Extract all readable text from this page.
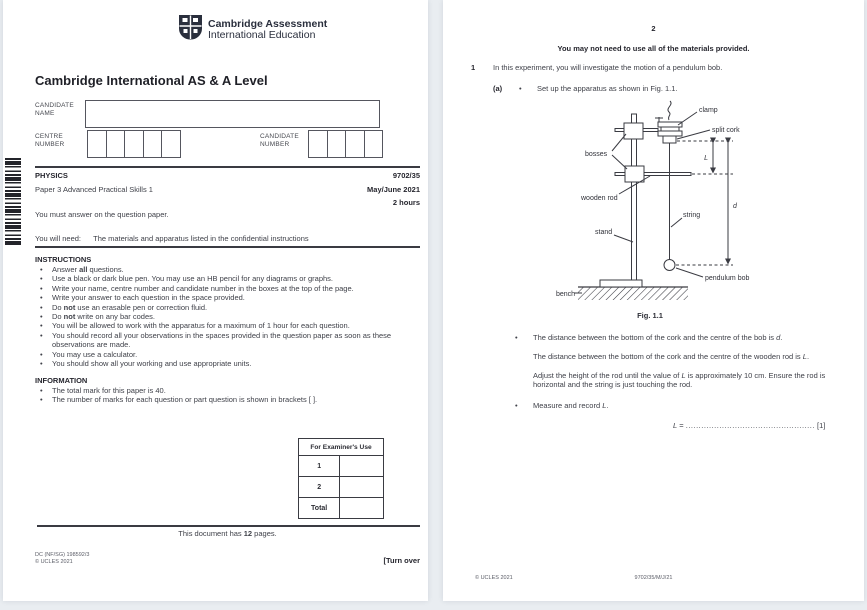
Cambridge Assessment
International Education
Cambridge International AS & A Level
CANDIDATE
NAME
CENTRE
NUMBER
CANDIDATE
NUMBER
PHYSICS	9702/35
Paper 3 Advanced Practical Skills 1	May/June 2021
2 hours
You must answer on the question paper.
You will need: The materials and apparatus listed in the confidential instructions
INSTRUCTIONS
• Answer all questions.
• Use a black or dark blue pen. You may use an HB pencil for any diagrams or graphs.
• Write your name, centre number and candidate number in the boxes at the top of the page.
• Write your answer to each question in the space provided.
• Do not use an erasable pen or correction fluid.
• Do not write on any bar codes.
• You will be allowed to work with the apparatus for a maximum of 1 hour for each question.
• You should record all your observations in the spaces provided in the question paper as soon as these observations are made.
• You may use a calculator.
• You should show all your working and use appropriate units.
INFORMATION
• The total mark for this paper is 40.
• The number of marks for each question or part question is shown in brackets [ ].
For Examiner's Use
1
2
Total
This document has 12 pages.
DC (NF/SG) 198592/3
© UCLES 2021	[Turn over
2
You may not need to use all of the materials provided.
1 In this experiment, you will investigate the motion of a pendulum bob.
(a) • Set up the apparatus as shown in Fig. 1.1.
clamp
split cork
bosses
wooden rod
string
stand
pendulum bob
bench
L
d
Fig. 1.1
• The distance between the bottom of the cork and the centre of the bob is d.
The distance between the bottom of the cork and the centre of the wooden rod is L.
Adjust the height of the rod until the value of L is approximately 10 cm. Ensure the rod is horizontal and the string is just touching the rod.
• Measure and record L.
L = .................................................. [1]
© UCLES 2021	9702/35/M/J/21
